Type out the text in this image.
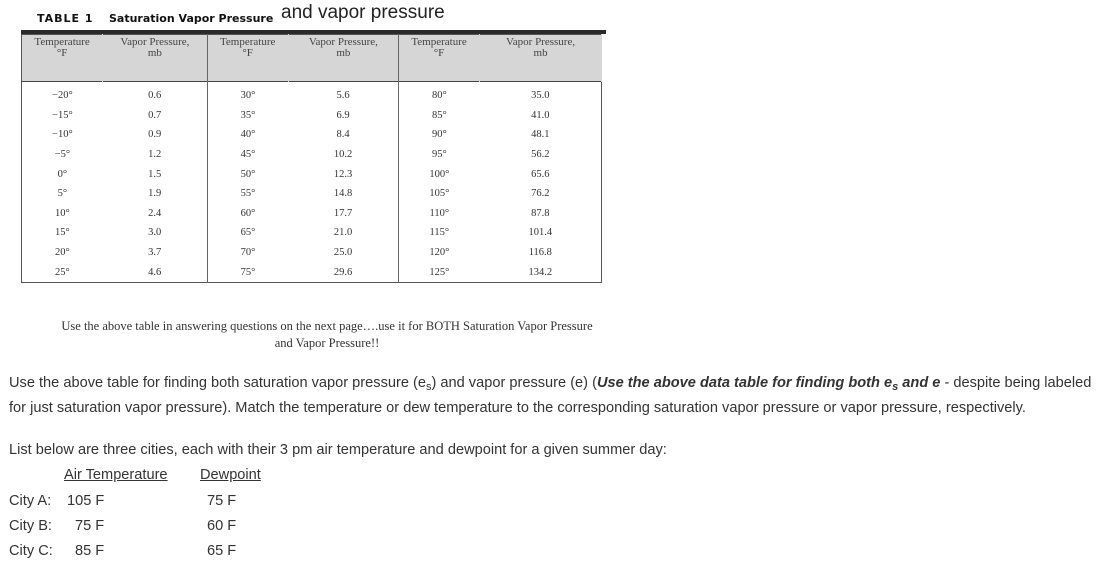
TABLE 1 Saturation Vapor Pressure and vapor pressure
Temperature
°F	Vapor Pressure,
mb	Temperature
°F	Vapor Pressure,
mb	Temperature
°F	Vapor Pressure,
mb
−20°	0.6	30°	5.6	80°	35.0
−15°	0.7	35°	6.9	85°	41.0
−10°	0.9	40°	8.4	90°	48.1
−5°	1.2	45°	10.2	95°	56.2
0°	1.5	50°	12.3	100°	65.6
5°	1.9	55°	14.8	105°	76.2
10°	2.4	60°	17.7	110°	87.8
15°	3.0	65°	21.0	115°	101.4
20°	3.7	70°	25.0	120°	116.8
25°	4.6	75°	29.6	125°	134.2
Use the above table in answering questions on the next page….use it for BOTH Saturation Vapor Pressure
and Vapor Pressure!!

Use the above table for finding both saturation vapor pressure $(e_s)$ and vapor pressure (e) (Use the above data table for finding both $e_s$ and e - despite being labeled for just saturation vapor pressure). Match the temperature or dew temperature to the corresponding saturation vapor pressure or vapor pressure, respectively.

List below are three cities, each with their 3 pm air temperature and dewpoint for a given summer day:
Air Temperature Dewpoint
City A: 105 F	75 F
City B: 75 F	60 F
City C: 85 F	65 F
